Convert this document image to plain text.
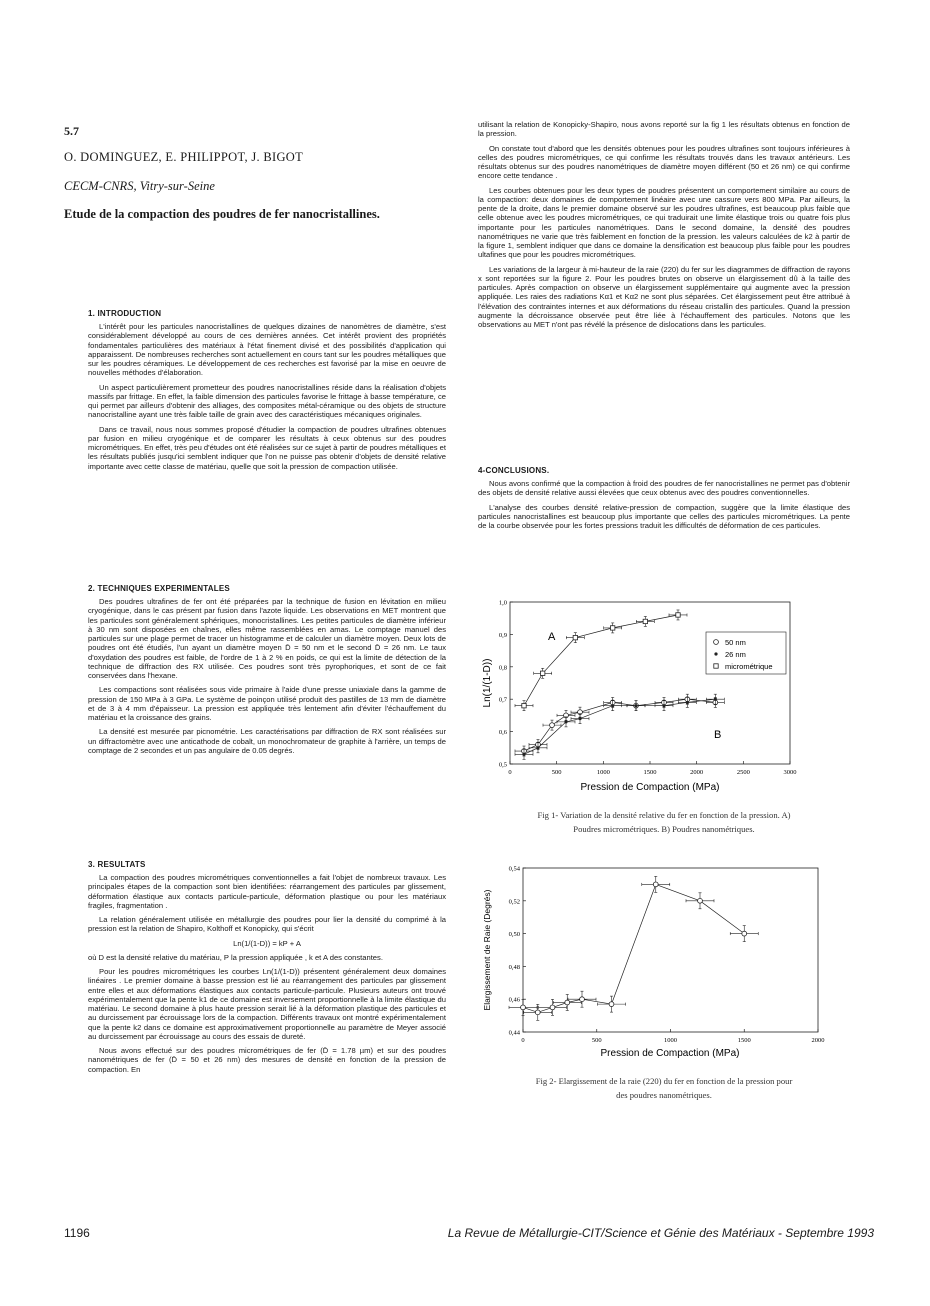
5.7
O. DOMINGUEZ, E. PHILIPPOT, J. BIGOT
CECM-CNRS, Vitry-sur-Seine
Etude de la compaction des poudres de fer nanocristallines.
1. INTRODUCTION

L'intérêt pour les particules nanocristallines de quelques dizaines de nanomètres de diamètre, s'est considérablement développé au cours de ces dernières années. Cet intérêt provient des propriétés fondamentales particulières des matériaux à l'état finement divisé et des possibilités d'application qui apparaissent. De nombreuses recherches sont actuellement en cours tant sur les poudres métalliques que sur les poudres céramiques. Le développement de ces recherches est favorisé par la mise en oeuvre de nouvelles méthodes d'élaboration.

Un aspect particulièrement prometteur des poudres nanocristallines réside dans la réalisation d'objets massifs par frittage. En effet, la faible dimension des particules favorise le frittage à basse température, ce qui permet par ailleurs d'obtenir des alliages, des composites métal-céramique ou des objets de structure nanocristalline ayant une très faible taille de grain avec des caractéristiques mécaniques originales.

Dans ce travail, nous nous sommes proposé d'étudier la compaction de poudres ultrafines obtenues par fusion en milieu cryogénique et de comparer les résultats à ceux obtenus sur des poudres micrométriques. En effet, très peu d'études ont été réalisées sur ce sujet à partir de poudres métalliques et les résultats publiés jusqu'ici semblent indiquer que l'on ne puisse pas obtenir d'objets de densité relative importante avec cette classe de matériau, quelle que soit la pression de compaction utilisée.

2. TECHNIQUES EXPERIMENTALES

Des poudres ultrafines de fer ont été préparées par la technique de fusion en lévitation en milieu cryogénique, dans le cas présent par fusion dans l'azote liquide. Les observations en MET montrent que les particules sont généralement sphériques, monocristallines. Les petites particules de diamètre inférieur à 30 nm sont disposées en chaînes, elles même rassemblées en amas. Le comptage manuel des particules sur une plage permet de tracer un histogramme et de calculer un diamètre moyen. Deux lots de poudres ont été étudiés, l'un ayant un diamètre moyen D̄ = 50 nm et le second D̄ = 26 nm. Le taux d'oxydation des poudres est faible, de l'ordre de 1 à 2 % en poids, ce qui est la limite de détection de la technique de diffraction des RX utilisée. Ces poudres sont très pyrophoriques, et sont de ce fait conservées dans l'hexane.

Les compactions sont réalisées sous vide primaire à l'aide d'une presse uniaxiale dans la gamme de pression de 150 MPa à 3 GPa. Le système de poinçon utilisé produit des pastilles de 13 mm de diamètre et de 3 à 4 mm d'épaisseur. La pression est appliquée très lentement afin d'éviter l'échauffement du matériau et la croissance des grains.

La densité est mesurée par picnométrie. Les caractérisations par diffraction de RX sont réalisées sur un diffractomètre avec une anticathode de cobalt, un monochromateur de graphite à l'arrière, un temps de comptage de 2 secondes et un pas angulaire de 0.05 degrés.

3. RESULTATS

La compaction des poudres micrométriques conventionnelles a fait l'objet de nombreux travaux. Les principales étapes de la compaction sont bien identifiées: réarrangement des particules par glissement, déformation élastique aux contacts particule-particule, déformation plastique ou pour les matériaux fragiles, fragmentation .

La relation généralement utilisée en métallurgie des poudres pour lier la densité du comprimé à la pression est la relation de Shapiro, Kolthoff et Konopicky, qui s'écrit

Ln(1/(1-D)) = kP + A

où D est la densité relative du matériau, P la pression appliquée , k et A des constantes.

Pour les poudres micrométriques les courbes Ln(1/(1-D)) présentent généralement deux domaines linéaires . Le premier domaine à basse pression est lié au réarrangement des particules par glissement entre elles et aux déformations élastiques aux contacts particule-particule. Plusieurs auteurs ont trouvé expérimentalement que la pente k1 de ce domaine est inversement proportionnelle à la limite élastique du matériau. Le second domaine à plus haute pression serait lié à la déformation plastique des particules et au durcissement par écrouissage lors de la compaction. Différents travaux ont montré expérimentalement que la pente k2 dans ce domaine est approximativement proportionnelle au paramètre de Meyer associé au durcissement par écrouissage au cours des essais de dureté.

Nous avons effectué sur des poudres micrométriques de fer (D̄ = 1.78 µm) et sur des poudres nanométriques de fer (D̄ = 50 et 26 nm) des mesures de densité en fonction de la pression de compaction. En

utilisant la relation de Konopicky-Shapiro, nous avons reporté sur la fig 1 les résultats obtenus en fonction de la pression.

On constate tout d'abord que les densités obtenues pour les poudres ultrafines sont toujours inférieures à celles des poudres micrométriques, ce qui confirme les résultats trouvés dans les travaux antérieurs. Les résultats obtenus sur des poudres nanométriques de diamètre moyen différent (50 et 26 nm) ce qui confirme encore cette tendance .

Les courbes obtenues pour les deux types de poudres présentent un comportement similaire au cours de la compaction: deux domaines de comportement linéaire avec une cassure vers 800 MPa. Par ailleurs, la pente de la droite, dans le premier domaine observé sur les poudres ultrafines, est beaucoup plus faible que celle obtenue avec les poudres micrométriques, ce qui traduirait une limite élastique trois ou quatre fois plus importante pour les particules nanométriques. Dans le second domaine, la densité des poudres nanométriques ne varie que très faiblement en fonction de la pression. les valeurs calculées de k2 à partir de la figure 1, semblent indiquer que dans ce domaine la densification est beaucoup plus faible pour les poudres ultafines que pour les poudres micrométriques.

Les variations de la largeur à mi-hauteur de la raie (220) du fer sur les diagrammes de diffraction de rayons x sont reportées sur la figure 2. Pour les poudres brutes on observe un élargissement dû à la taille des particules. Après compaction on observe un élargissement supplémentaire qui augmente avec la pression appliquée. Les raies des radiations Kα1 et Kα2 ne sont plus séparées. Cet élargissement peut être attribué à l'élévation des contraintes internes et aux déformations du réseau cristallin des particules. Quand la pression augmente la décroissance observée peut être liée à l'échauffement des particules. Notons que les observations au MET n'ont pas révélé la présence de dislocations dans les particules.

4-CONCLUSIONS.

Nous avons confirmé que la compaction à froid des poudres de fer nanocristallines ne permet pas d'obtenir des objets de densité relative aussi élevées que ceux obtenus avec des poudres conventionnelles.

L'analyse des courbes densité relative-pression de compaction, suggère que la limite élastique des particules nanocristallines est beaucoup plus importante que celles des particules micrométriques. La pente de la courbe observée pour les fortes pressions traduit les difficultés de déformation de ces particules.

0	500	1000	1500	2000	2500	3000
0,5
0,6
0,7
0,8
0,9
1,0
A
B
50 nm
26 nm
micrométrique
Pression de Compaction (MPa)
Ln(1/(1-D))
Fig 1- Variation de la densité relative du fer en fonction de la pression. A)
Poudres micrométriques. B) Poudres nanométriques.
0	500	1000	1500	2000
0,44
0,46
0,48
0,50
0,52
0,54
Pression de Compaction (MPa)
Elargissement de Raie (Degrés)
Fig 2- Elargissement de la raie (220) du fer en fonction de la pression pour
des poudres nanométriques.
1196	La Revue de Métallurgie-CIT/Science et Génie des Matériaux - Septembre 1993
